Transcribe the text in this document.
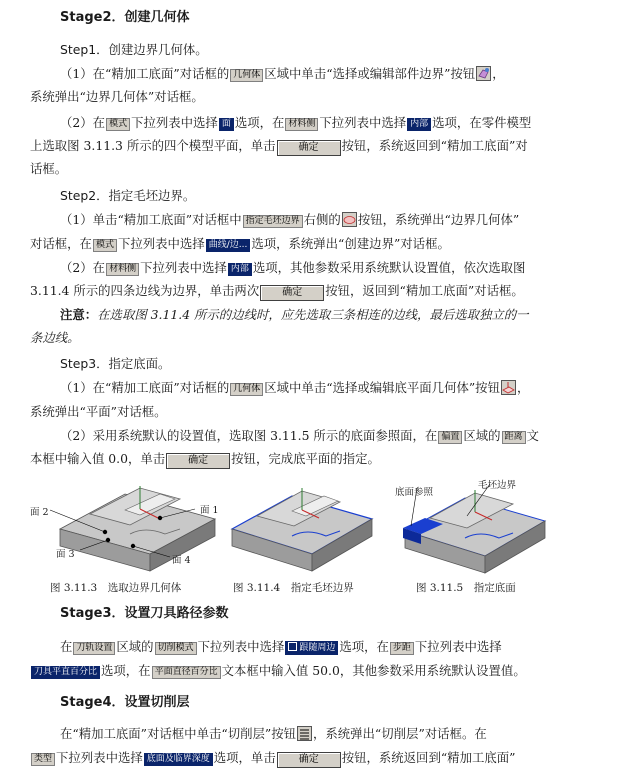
Stage2．创建几何体
Step1．创建边界几何体。
（1）在“精加工底面”对话框的 几何体 区域中单击“选择或编辑部件边界”按钮 ，
系统弹出“边界几何体”对话框。
（2）在 模式 下拉列表中选择 面 选项，在 材料侧 下拉列表中选择 内部 选项，在零件模型
上选取图 3.11.3 所示的四个模型平面，单击 确定 按钮，系统返回到“精加工底面”对
话框。
Step2．指定毛坯边界。
（1）单击“精加工底面”对话框中 指定毛坯边界 右侧的 按钮，系统弹出“边界几何体”
对话框，在 模式 下拉列表中选择 曲线/边... 选项，系统弹出“创建边界”对话框。
（2）在 材料侧 下拉列表中选择 内部 选项，其他参数采用系统默认设置值，依次选取图
3.11.4 所示的四条边线为边界，单击两次 确定 按钮，返回到“精加工底面”对话框。
注意：在选取图 3.11.4 所示的边线时，应先选取三条相连的边线，最后选取独立的一
条边线。
Step3．指定底面。
（1）在“精加工底面”对话框的 几何体 区域中单击“选择或编辑底平面几何体”按钮 ，
系统弹出“平面”对话框。
（2）采用系统默认的设置值，选取图 3.11.5 所示的底面参照面，在 偏置 区域的 距离 文
本框中输入值 0.0，单击 确定 按钮，完成底平面的指定。
面 2	面 1
面 3
面 4
图 3.11.3　选取边界几何体	图 3.11.4　指定毛坯边界
底面参照
毛坯边界
图 3.11.5　指定底面
Stage3．设置刀具路径参数
在 刀轨设置 区域的 切削模式 下拉列表中选择 跟随周边 选项，在 步距 下拉列表中选择
刀具平直百分比 选项，在 平面直径百分比 文本框中输入值 50.0，其他参数采用系统默认设置值。
Stage4．设置切削层
在“精加工底面”对话框中单击“切削层”按钮 ，系统弹出“切削层”对话框。在
类型 下拉列表中选择 底面及临界深度 选项，单击 确定 按钮，系统返回到“精加工底面”
